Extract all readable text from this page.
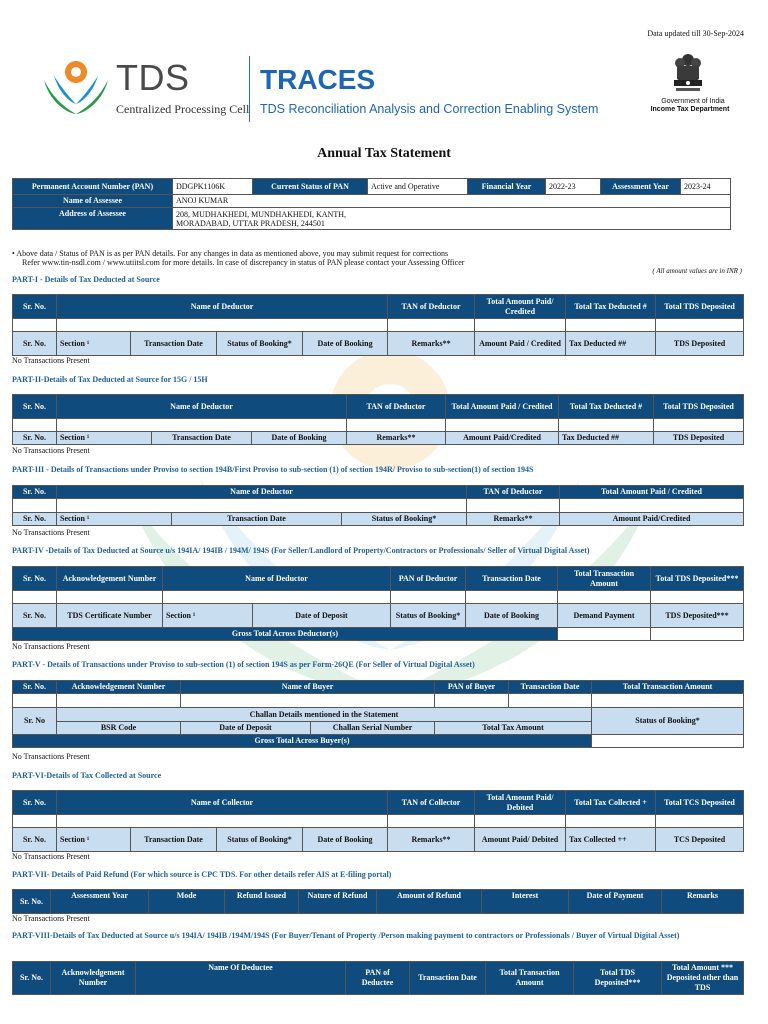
Data updated till 30-Sep-2024
TDS
Centralized Processing Cell
TRACES
TDS Reconciliation Analysis and Correction Enabling System
Government of India
Income Tax Department
Annual Tax Statement
Permanent Account Number (PAN)	DDGPK1106K	Current Status of PAN	Active and Operative	Financial Year	2022-23	Assessment Year	2023-24
Name of Assessee	ANOJ KUMAR						
Address of Assessee	208, MUDHAKHEDI, MUNDHAKHEDI, KANTH,
MORADABAD, UTTAR PRADESH, 244501						
• Above data / Status of PAN is as per PAN details. For any changes in data as mentioned above, you may submit request for corrections
Refer www.tin-nsdl.com / www.utiitsl.com for more details. In case of discrepancy in status of PAN please contact your Assessing Officer
( All amount values are in INR )
PART-I - Details of Tax Deducted at Source
Sr. No.	Name of Deductor				TAN of Deductor	Total Amount Paid/ Credited	Total Tax Deducted #	Total TDS Deposited

Sr. No.	Section ¹	Transaction Date	Status of Booking*	Date of Booking	Remarks**	Amount Paid / Credited	Tax Deducted ##	TDS Deposited
No Transactions Present
PART-II-Details of Tax Deducted at Source for 15G / 15H
Sr. No.	Name of Deductor			TAN of Deductor	Total Amount Paid / Credited	Total Tax Deducted #	Total TDS Deposited

Sr. No.	Section ¹	Transaction Date	Date of Booking	Remarks**	Amount Paid/Credited	Tax Deducted ##	TDS Deposited
No Transactions Present
PART-III - Details of Transactions under Proviso to section 194B/First Proviso to sub-section (1) of section 194R/ Proviso to sub-section(1) of section 194S
Sr. No.	Name of Deductor			TAN of Deductor	Total Amount Paid / Credited

Sr. No.	Section ¹	Transaction Date	Status of Booking*	Remarks**	Amount Paid/Credited
No Transactions Present
PART-IV -Details of Tax Deducted at Source u/s 194IA/ 194IB / 194M/ 194S (For Seller/Landlord of Property/Contractors or Professionals/ Seller of Virtual Digital Asset)
Sr. No.	Acknowledgement Number	Name of Deductor		PAN of Deductor	Transaction Date	Total Transaction Amount	Total TDS Deposited***

Sr. No.	TDS Certificate Number	Section ¹	Date of Deposit	Status of Booking*	Date of Booking	Demand Payment	TDS Deposited***
Gross Total Across Deductor(s)							
No Transactions Present
PART-V - Details of Transactions under Proviso to sub-section (1) of section 194S as per Form-26QE (For Seller of Virtual Digital Asset)
Sr. No.	Acknowledgement Number	Name of Buyer		PAN of Buyer	Transaction Date	Total Transaction Amount

Sr. No	Challan Details mentioned in the Statement					Status of Booking*
	BSR Code	Date of Deposit	Challan Serial Number	Total Tax Amount		
Gross Total Across Buyer(s)						
No Transactions Present
PART-VI-Details of Tax Collected at Source
Sr. No.	Name of Collector				TAN of Collector	Total Amount Paid/ Debited	Total Tax Collected +	Total TCS Deposited

Sr. No.	Section ¹	Transaction Date	Status of Booking*	Date of Booking	Remarks**	Amount Paid/ Debited	Tax Collected ++	TCS Deposited
No Transactions Present
PART-VII- Details of Paid Refund (For which source is CPC TDS. For other details refer AIS at E-filing portal)
Sr. No.	Assessment Year	Mode	Refund Issued	Nature of Refund	Amount of Refund	Interest	Date of Payment	Remarks
No Transactions Present
PART-VIII-Details of Tax Deducted at Source u/s 194IA/ 194IB /194M/194S (For Buyer/Tenant of Property /Person making payment to contractors or Professionals / Buyer of Virtual Digital Asset)
Sr. No.	Acknowledgement Number	Name Of Deductee	PAN of Deductee	Transaction Date	Total Transaction Amount	Total TDS Deposited***	Total Amount *** Deposited other than TDS
